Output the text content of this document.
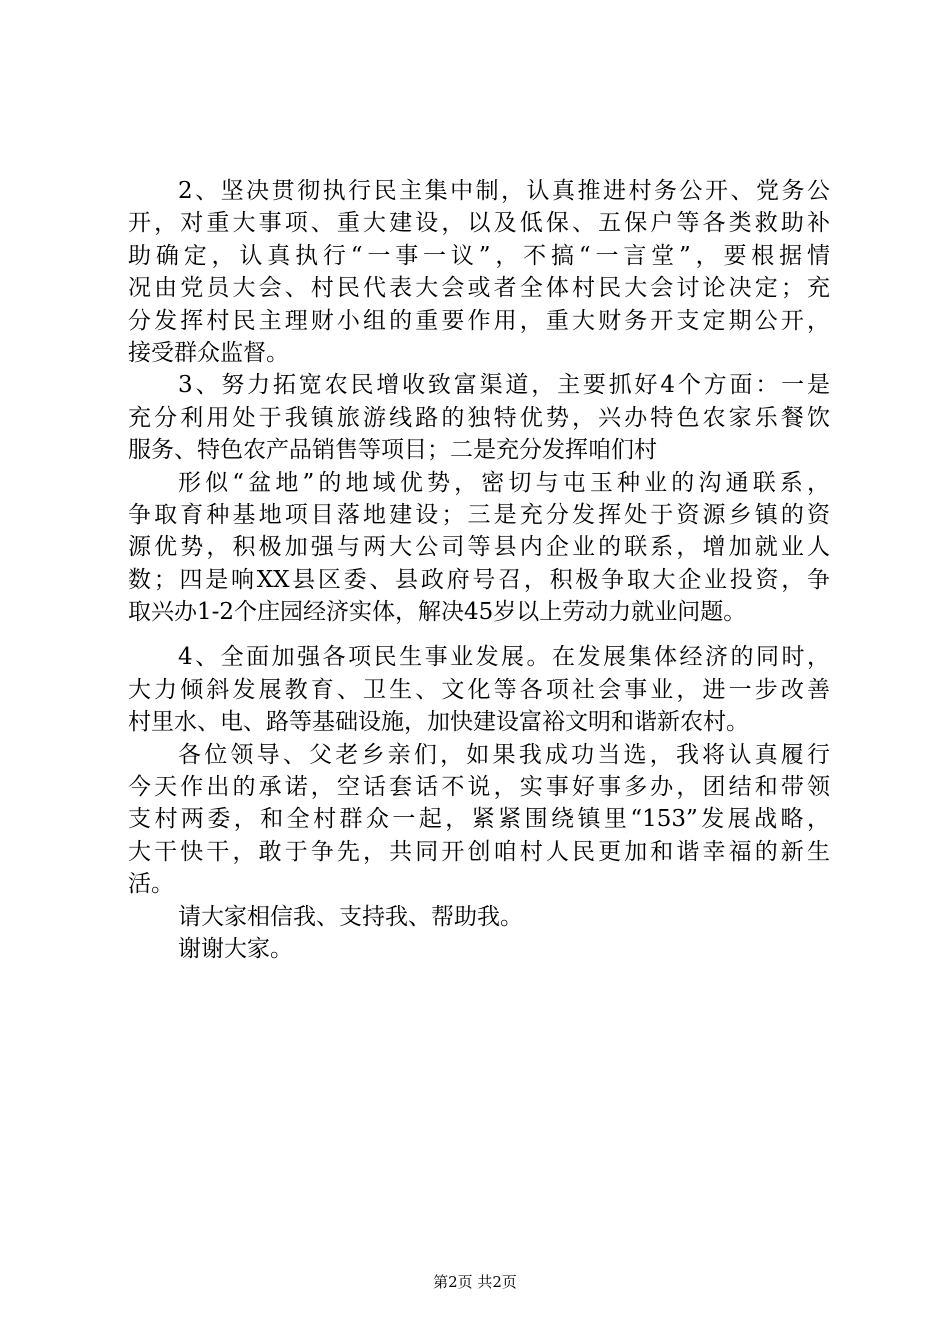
2、坚决贯彻执行民主集中制，认真推进村务公开、党务公
开，对重大事项、重大建设，以及低保、五保户等各类救助补
助确定，认真执行“一事一议”，不搞“一言堂”，要根据情
况由党员大会、村民代表大会或者全体村民大会讨论决定；充
分发挥村民主理财小组的重要作用，重大财务开支定期公开，
接受群众监督。
3、努力拓宽农民增收致富渠道，主要抓好4个方面：一是
充分利用处于我镇旅游线路的独特优势，兴办特色农家乐餐饮
服务、特色农产品销售等项目；二是充分发挥咱们村
形似“盆地”的地域优势，密切与屯玉种业的沟通联系，
争取育种基地项目落地建设；三是充分发挥处于资源乡镇的资
源优势，积极加强与两大公司等县内企业的联系，增加就业人
数；四是响XX县区委、县政府号召，积极争取大企业投资，争
取兴办1-2个庄园经济实体，解决45岁以上劳动力就业问题。
4、全面加强各项民生事业发展。在发展集体经济的同时，
大力倾斜发展教育、卫生、文化等各项社会事业，进一步改善
村里水、电、路等基础设施，加快建设富裕文明和谐新农村。
各位领导、父老乡亲们，如果我成功当选，我将认真履行
今天作出的承诺，空话套话不说，实事好事多办，团结和带领
支村两委，和全村群众一起，紧紧围绕镇里“153”发展战略，
大干快干，敢于争先，共同开创咱村人民更加和谐幸福的新生
活。
请大家相信我、支持我、帮助我。
谢谢大家。
第2页 共2页
